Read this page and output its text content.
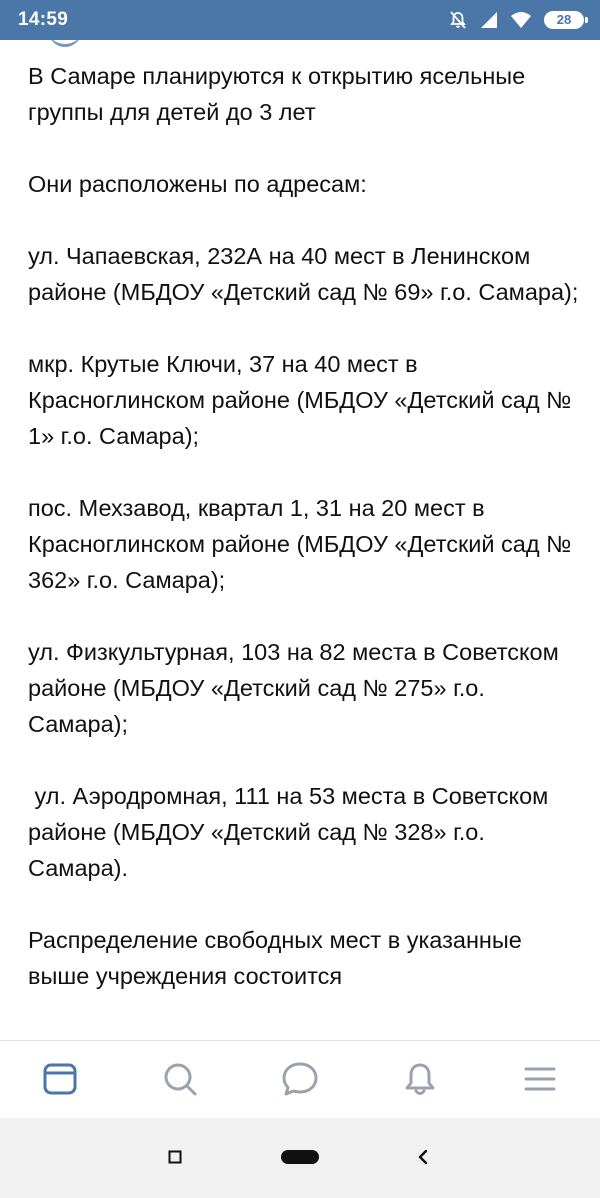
14:59	28

В Самаре планируются к открытию ясельные группы для детей до 3 лет

Они расположены по адресам:

ул. Чапаевская, 232А на 40 мест в Ленинском районе (МБДОУ «Детский сад № 69» г.о. Самара);

мкр. Крутые Ключи, 37 на 40 мест в Красноглинском районе (МБДОУ «Детский сад № 1» г.о. Самара);

пос. Мехзавод, квартал 1, 31 на 20 мест в Красноглинском районе (МБДОУ «Детский сад № 362» г.о. Самара);

ул. Физкультурная, 103 на 82 места в Советском районе (МБДОУ «Детский сад № 275» г.о. Самара);

ул. Аэродромная, 111 на 53 места в Советском районе (МБДОУ «Детский сад № 328» г.о. Самара).

Распределение свободных мест в указанные выше учреждения состоится
